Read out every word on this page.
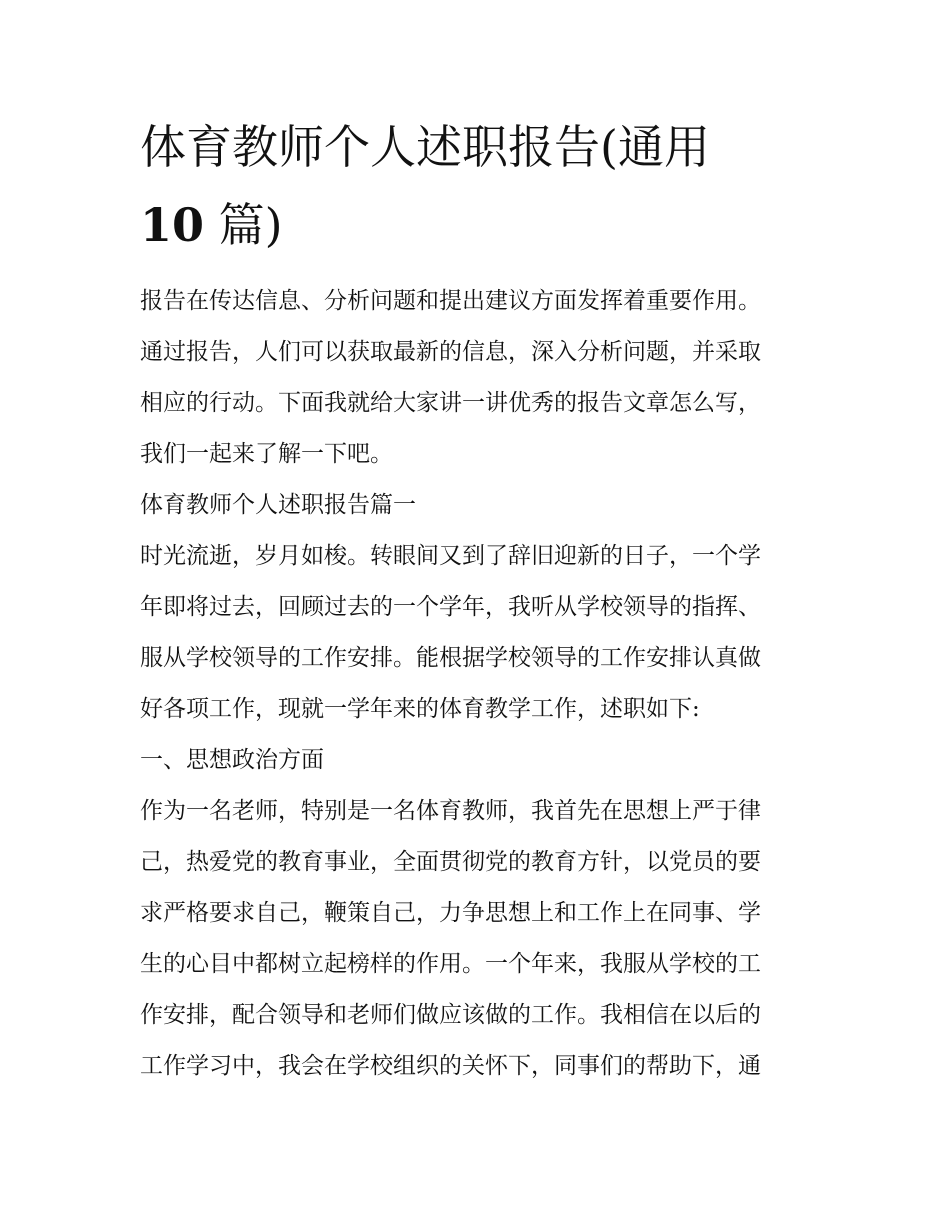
体育教师个人述职报告(通用
10 篇)
报告在传达信息、分析问题和提出建议方面发挥着重要作用。
通过报告，人们可以获取最新的信息，深入分析问题，并采取
相应的行动。下面我就给大家讲一讲优秀的报告文章怎么写，
我们一起来了解一下吧。
体育教师个人述职报告篇一
时光流逝，岁月如梭。转眼间又到了辞旧迎新的日子，一个学
年即将过去，回顾过去的一个学年，我听从学校领导的指挥、
服从学校领导的工作安排。能根据学校领导的工作安排认真做
好各项工作，现就一学年来的体育教学工作，述职如下:
一、思想政治方面
作为一名老师，特别是一名体育教师，我首先在思想上严于律
己，热爱党的教育事业，全面贯彻党的教育方针，以党员的要
求严格要求自己，鞭策自己，力争思想上和工作上在同事、学
生的心目中都树立起榜样的作用。一个年来，我服从学校的工
作安排，配合领导和老师们做应该做的工作。我相信在以后的
工作学习中，我会在学校组织的关怀下，同事们的帮助下，通
